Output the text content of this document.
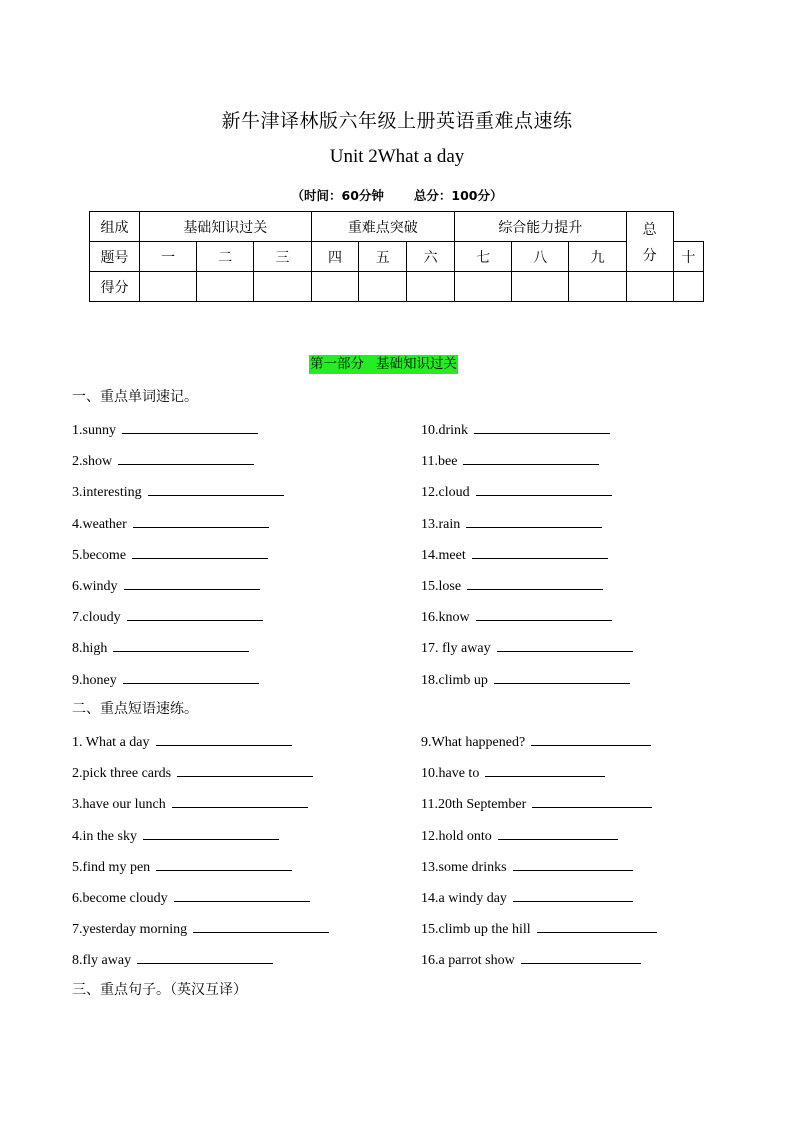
新牛津译林版六年级上册英语重难点速练
Unit 2What a day
（时间：60分钟 总分：100分）
组成	基础知识过关			重难点突破			综合能力提升			总
分	

题号	一	二	三	四	五	六	七	八	九		十
得分											
第一部分 基础知识过关
一、重点单词速记。
1.sunny
2.show
3.interesting
4.weather
5.become
6.windy
7.cloudy
8.high
9.honey
10.drink
11.bee
12.cloud
13.rain
14.meet
15.lose
16.know
17. fly away
18.climb up
二、重点短语速练。
1. What a day
2.pick three cards
3.have our lunch
4.in the sky
5.find my pen
6.become cloudy
7.yesterday morning
8.fly away
9.What happened?
10.have to
11.20th September
12.hold onto
13.some drinks
14.a windy day
15.climb up the hill
16.a parrot show
三、重点句子。（英汉互译）
